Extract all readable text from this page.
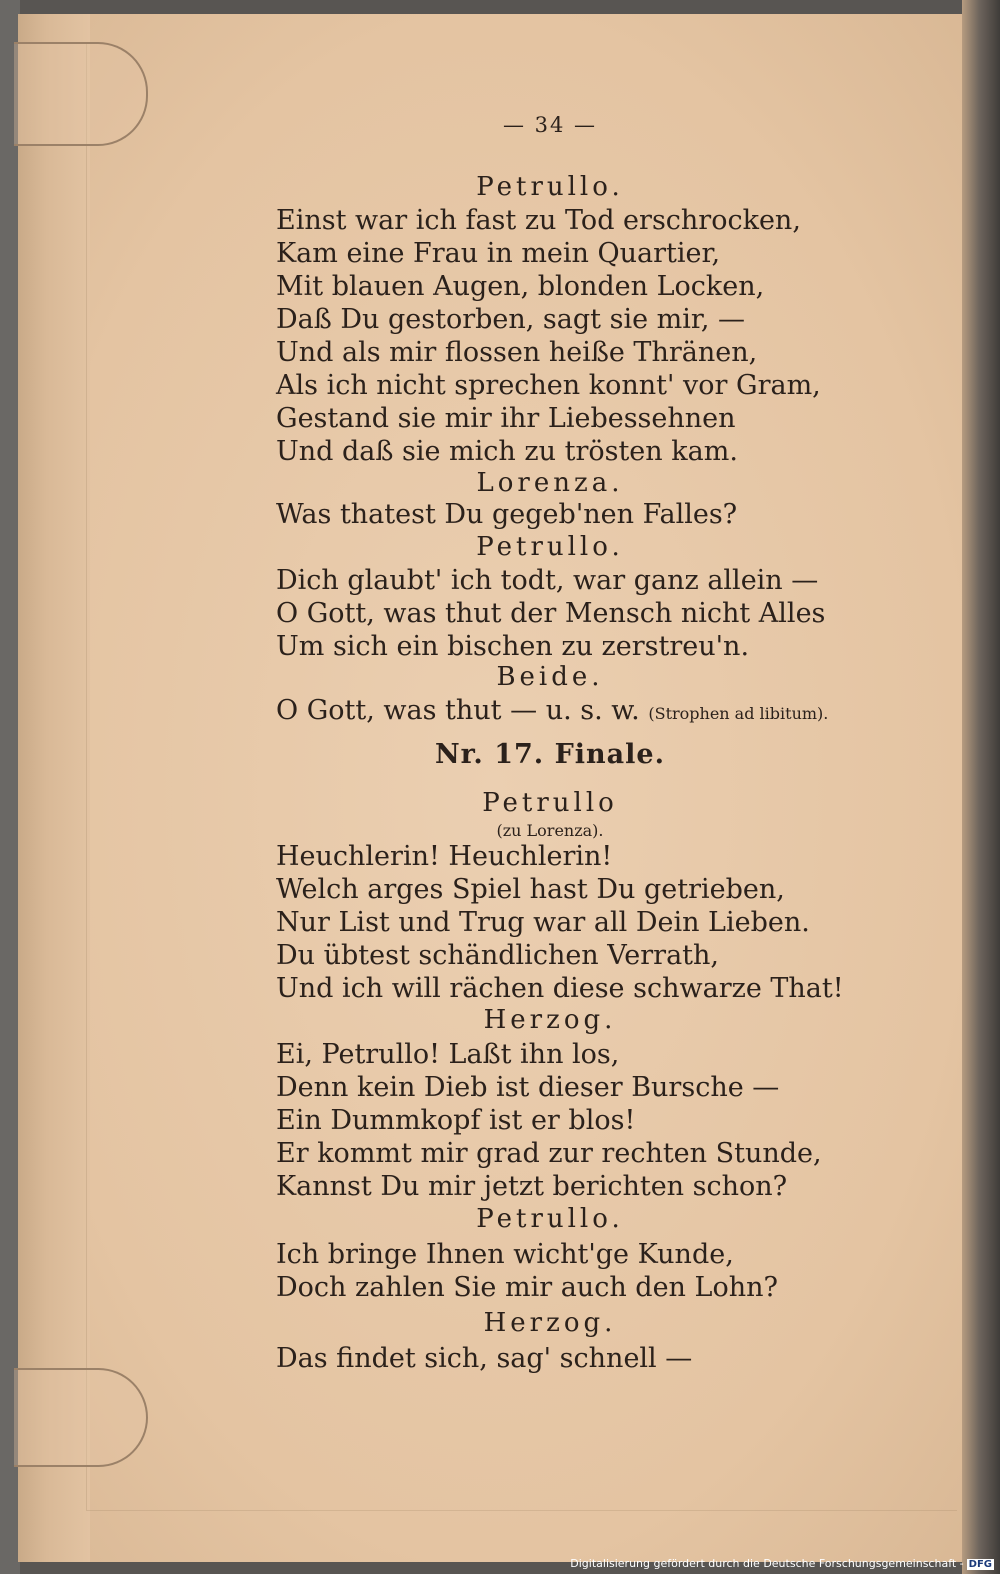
— 34 —
Petrullo.
Einst war ich fast zu Tod erschrocken,
Kam eine Frau in mein Quartier,
Mit blauen Augen, blonden Locken,
Daß Du gestorben, sagt sie mir, —
Und als mir flossen heiße Thränen,
Als ich nicht sprechen konnt' vor Gram,
Gestand sie mir ihr Liebessehnen
Und daß sie mich zu trösten kam.
Lorenza.
Was thatest Du gegeb'nen Falles?
Petrullo.
Dich glaubt' ich todt, war ganz allein —
O Gott, was thut der Mensch nicht Alles
Um sich ein bischen zu zerstreu'n.
Beide.
O Gott, was thut — u. s. w. (Strophen ad libitum).
Nr. 17. Finale.
Petrullo
(zu Lorenza).
Heuchlerin! Heuchlerin!
Welch arges Spiel hast Du getrieben,
Nur List und Trug war all Dein Lieben.
Du übtest schändlichen Verrath,
Und ich will rächen diese schwarze That!
Herzog.
Ei, Petrullo! Laßt ihn los,
Denn kein Dieb ist dieser Bursche —
Ein Dummkopf ist er blos!
Er kommt mir grad zur rechten Stunde,
Kannst Du mir jetzt berichten schon?
Petrullo.
Ich bringe Ihnen wicht'ge Kunde,
Doch zahlen Sie mir auch den Lohn?
Herzog.
Das findet sich, sag' schnell —
Digitalisierung gefördert durch die Deutsche Forschungsgemeinschaft - DFG
